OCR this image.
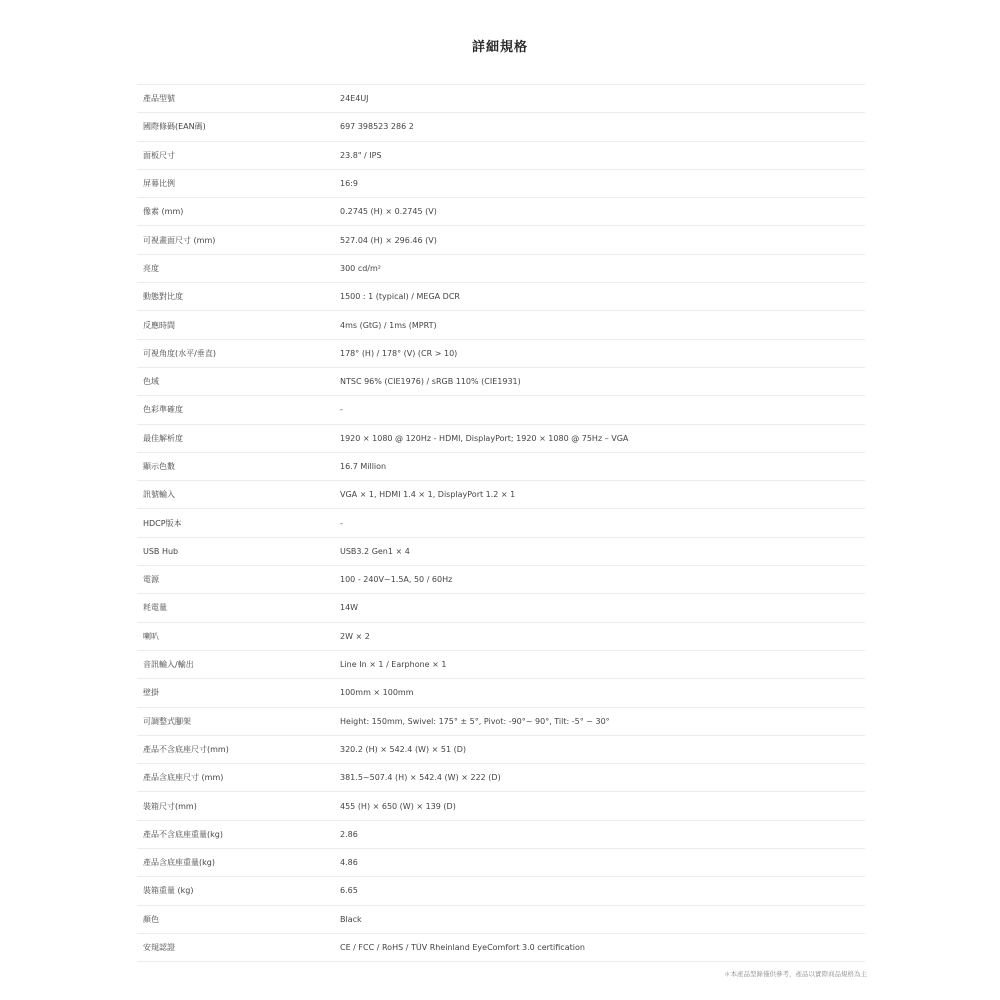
詳細規格
產品型號	24E4UJ
國際條碼(EAN碼)	697 398523 286 2
面板尺寸	23.8" / IPS
屏幕比例	16:9
像素 (mm)	0.2745 (H) × 0.2745 (V)
可視畫面尺寸 (mm)	527.04 (H) × 296.46 (V)
亮度	300 cd/m²
動態對比度	1500 : 1 (typical) / MEGA DCR
反應時間	4ms (GtG) / 1ms (MPRT)
可視角度(水平/垂直)	178° (H) / 178° (V) (CR > 10)
色域	NTSC 96% (CIE1976) / sRGB 110% (CIE1931)
色彩準確度	-
最佳解析度	1920 × 1080 @ 120Hz - HDMI, DisplayPort; 1920 × 1080 @ 75Hz – VGA
顯示色數	16.7 Million
訊號輸入	VGA × 1, HDMI 1.4 × 1, DisplayPort 1.2 × 1
HDCP版本	-
USB Hub	USB3.2 Gen1 × 4
電源	100 - 240V~1.5A, 50 / 60Hz
耗電量	14W
喇叭	2W × 2
音訊輸入/輸出	Line In × 1 / Earphone × 1
壁掛	100mm × 100mm
可調整式腳架	Height: 150mm, Swivel: 175° ± 5°, Pivot: -90°~ 90°, Tilt: -5° ~ 30°
產品不含底座尺寸(mm)	320.2 (H) × 542.4 (W) × 51 (D)
產品含底座尺寸 (mm)	381.5~507.4 (H) × 542.4 (W) × 222 (D)
裝箱尺寸(mm)	455 (H) × 650 (W) × 139 (D)
產品不含底座重量(kg)	2.86
產品含底座重量(kg)	4.86
裝箱重量 (kg)	6.65
顏色	Black
安規認證	CE / FCC / RoHS / TÜV Rheinland EyeComfort 3.0 certification
＊本產品型錄僅供參考，產品以實際商品規格為主
